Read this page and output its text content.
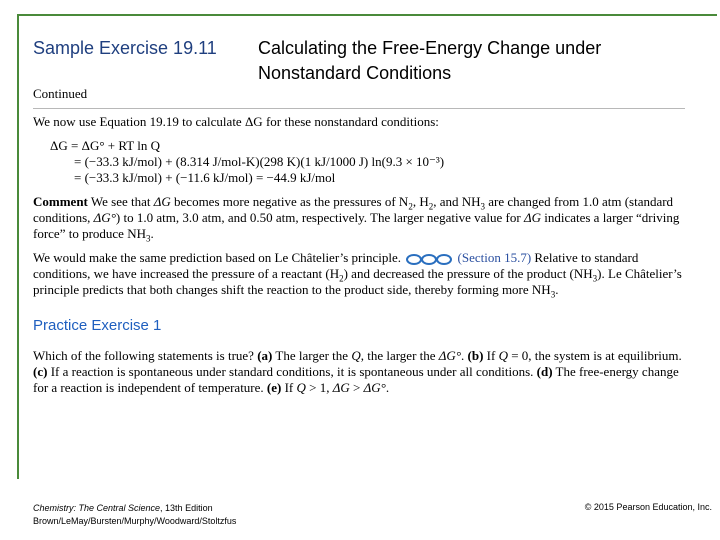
Sample Exercise 19.11 Calculating the Free-Energy Change under Nonstandard Conditions
Continued
We now use Equation 19.19 to calculate ΔG for these nonstandard conditions:
ΔG = ΔG° + RT ln Q
= (−33.3 kJ/mol) + (8.314 J/mol-K)(298 K)(1 kJ/1000 J) ln(9.3 × 10⁻³)
= (−33.3 kJ/mol) + (−11.6 kJ/mol) = −44.9 kJ/mol
Comment We see that ΔG becomes more negative as the pressures of $N_2$, $H_2$, and $NH_3$ are changed from 1.0 atm (standard conditions, ΔG°) to 1.0 atm, 3.0 atm, and 0.50 atm, respectively. The larger negative value for ΔG indicates a larger “driving force” to produce $NH_3$.
We would make the same prediction based on Le Châtelier’s principle.	(Section 15.7) Relative to standard conditions, we have increased the pressure of a reactant $(H_2)$ and decreased the pressure of the product $(NH_3)$. Le Châtelier’s principle predicts that both changes shift the reaction to the product side, thereby forming more $NH_3$.
Practice Exercise 1
Which of the following statements is true? (a) The larger the Q, the larger the ΔG°. (b) If Q = 0, the system is at equilibrium. (c) If a reaction is spontaneous under standard conditions, it is spontaneous under all conditions. (d) The free-energy change for a reaction is independent of temperature. (e) If Q > 1, ΔG > ΔG°.
Chemistry: The Central Science, 13th Edition
Brown/LeMay/Bursten/Murphy/Woodward/Stoltzfus
© 2015 Pearson Education, Inc.
